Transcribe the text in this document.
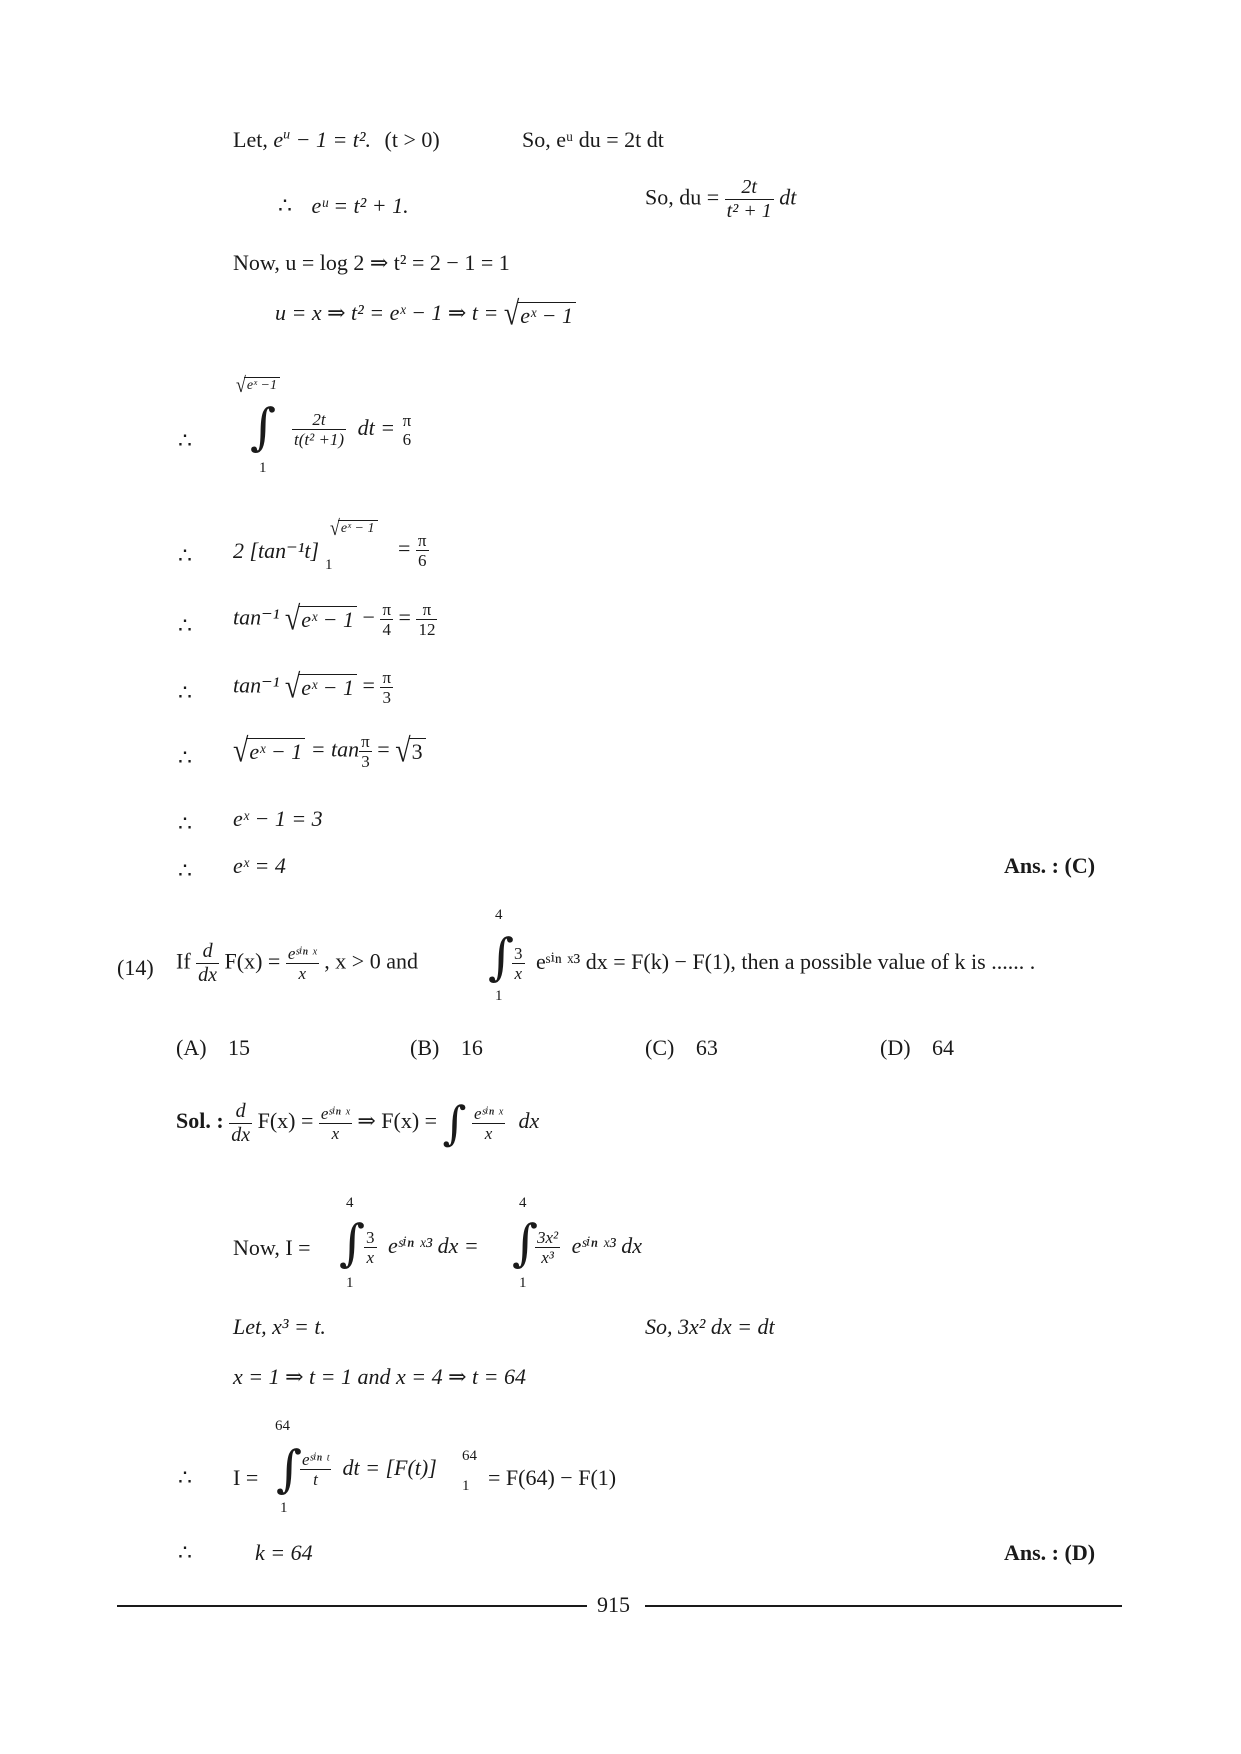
Let, $e^u - 1 = t^2$. (t > 0)	So, eᵘ du = 2t dt
∴ eᵘ = t² + 1.	So, du = $\frac{2t}{\text{t² + 1}}$ dt
Now, u = log 2 ⇒ t² = 2 − 1 = 1
u = x ⇒ t² = eˣ − 1 ⇒ t = √eˣ − 1
∴
√eˣ −1
∫
1
$\frac{2t}{\text{t(t² +1)}}$ dt = π
6
∴ 2 [tan⁻¹t]
√eˣ − 1
1
= $\frac{\pi}{6}$
∴ tan⁻¹ √eˣ − $1 - \frac{\pi}{4} = \frac{\pi}{12}$
∴ tan⁻¹ √eˣ − $1 = \frac{\pi}{3}$
∴ √eˣ − $1 = \tan \frac{\pi}{3} = √3$
∴ eˣ − 1 = 3
∴ eˣ = 4	Ans. : (C)
(14) If $\frac{d}{dx} F(x) = \frac{\text{eˢⁱⁿ ˣ}}{x}$ , x > 0 and
4
∫
1
$\frac{3}{x}$ eˢⁱⁿ ˣ³ dx = F(k) − F(1), then a possible value of k is ...... .
(A) 15	(B) 16	(C) 63	(D) 64
Sol. : $\frac{d}{dx} F(x) = \frac{\text{eˢⁱⁿ ˣ}}{x}$ ⇒ F(x) = ∫ $\frac{\text{eˢⁱⁿ ˣ}}{x}$ dx
Now, I =
4
∫
1
$\frac{3}{x}$ eˢⁱⁿ ˣ³ dx =
4
∫
1
$\frac{\text{3x²}}{\text{x³}}$ eˢⁱⁿ ˣ³ dx
Let, x³ = t.	So, 3x² dx = dt
x = 1 ⇒ t = 1 and x = 4 ⇒ t = 64
∴ I =
64
∫
1
$\frac{\text{eˢⁱⁿ ᵗ}}{t}$ dt = [F(t)] 64
1 = F(64) − F(1)
∴	k = 64	Ans. : (D)
915
